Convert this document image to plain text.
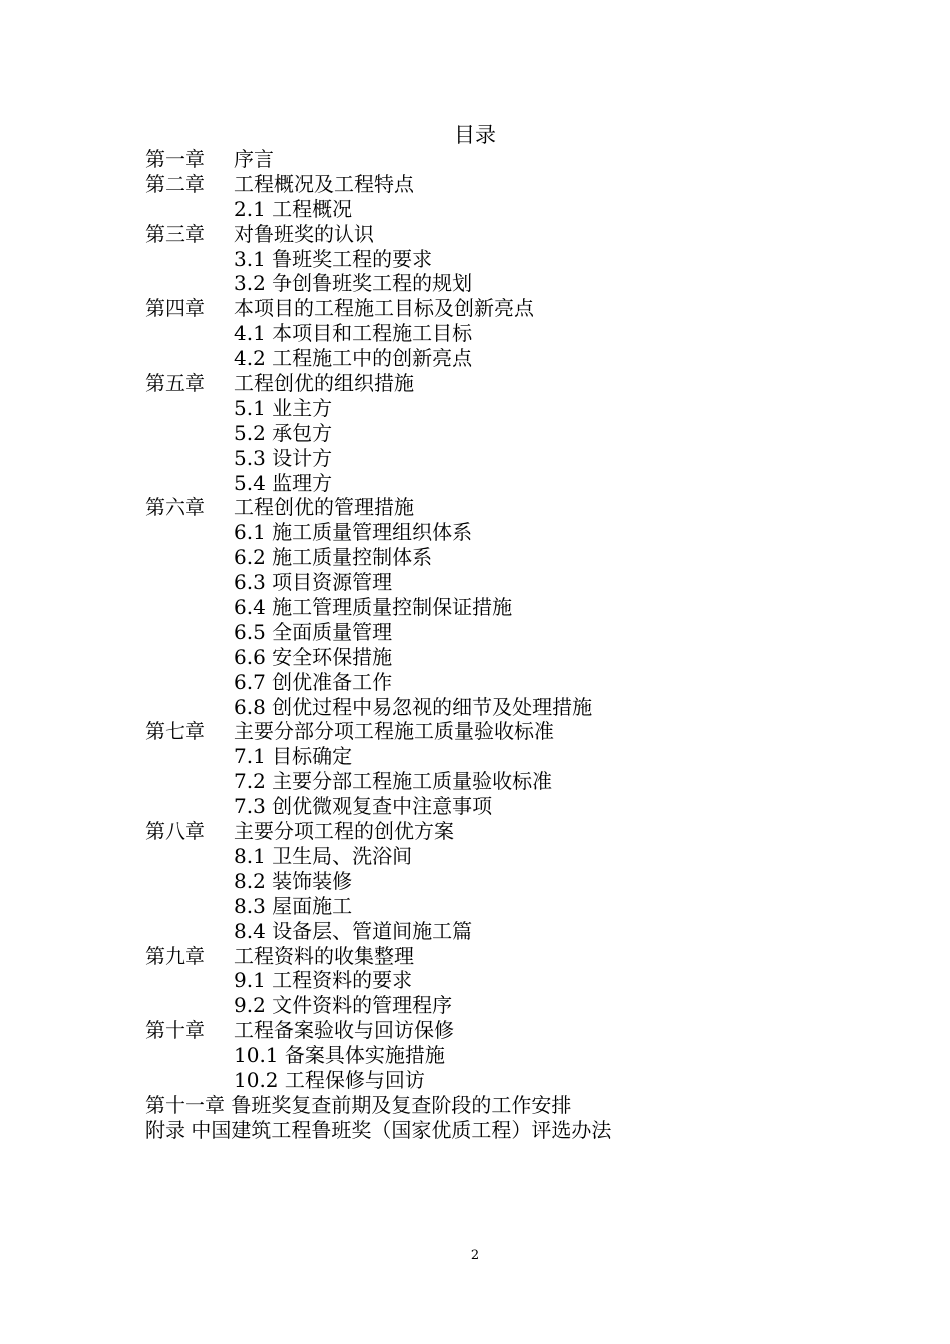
目录
第一章 序言
第二章 工程概况及工程特点
2.1 工程概况
第三章 对鲁班奖的认识
3.1 鲁班奖工程的要求
3.2 争创鲁班奖工程的规划
第四章 本项目的工程施工目标及创新亮点
4.1 本项目和工程施工目标
4.2 工程施工中的创新亮点
第五章 工程创优的组织措施
5.1 业主方
5.2 承包方
5.3 设计方
5.4 监理方
第六章 工程创优的管理措施
6.1 施工质量管理组织体系
6.2 施工质量控制体系
6.3 项目资源管理
6.4 施工管理质量控制保证措施
6.5 全面质量管理
6.6 安全环保措施
6.7 创优准备工作
6.8 创优过程中易忽视的细节及处理措施
第七章 主要分部分项工程施工质量验收标准
7.1 目标确定
7.2 主要分部工程施工质量验收标准
7.3 创优微观复查中注意事项
第八章 主要分项工程的创优方案
8.1 卫生局、洗浴间
8.2 装饰装修
8.3 屋面施工
8.4 设备层、管道间施工篇
第九章 工程资料的收集整理
9.1 工程资料的要求
9.2 文件资料的管理程序
第十章 工程备案验收与回访保修
10.1 备案具体实施措施
10.2 工程保修与回访
第十一章 鲁班奖复查前期及复查阶段的工作安排
附录 中国建筑工程鲁班奖（国家优质工程）评选办法
2
